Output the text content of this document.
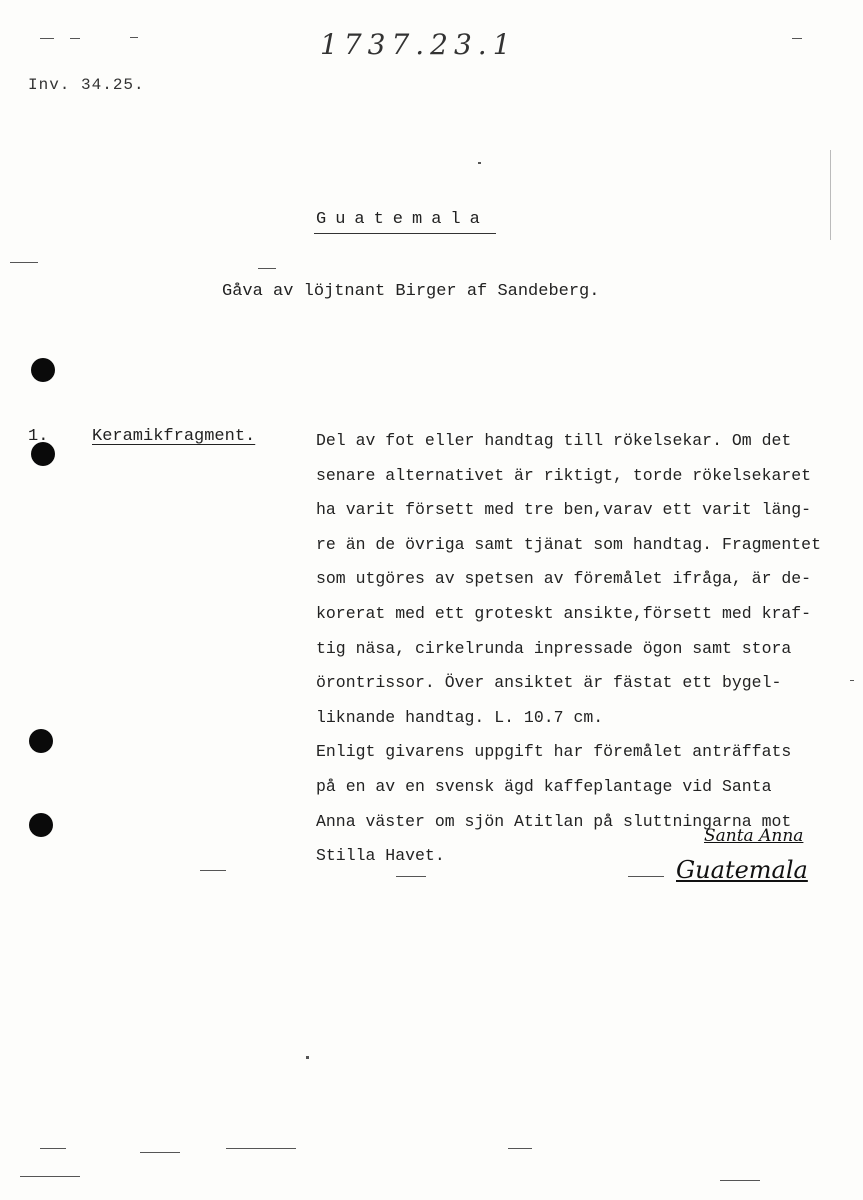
1737.23.1
Inv. 34.25.
Guatemala
Gåva av löjtnant Birger af Sandeberg.
1.	Keramikfragment.	Del av fot eller handtag till rökelsekar. Om det
senare alternativet är riktigt, torde rökelsekaret
ha varit försett med tre ben,varav ett varit läng-
re än de övriga samt tjänat som handtag. Fragmentet
som utgöres av spetsen av föremålet ifråga, är de-
korerat med ett groteskt ansikte,försett med kraf-
tig näsa, cirkelrunda inpressade ögon samt stora
örontrissor. Över ansiktet är fästat ett bygel-
liknande handtag. L. 10.7 cm.
Enligt givarens uppgift har föremålet anträffats
på en av en svensk ägd kaffeplantage vid Santa
Anna väster om sjön Atitlan på sluttningarna mot
Stilla Havet.
Santa Anna
Guatemala
